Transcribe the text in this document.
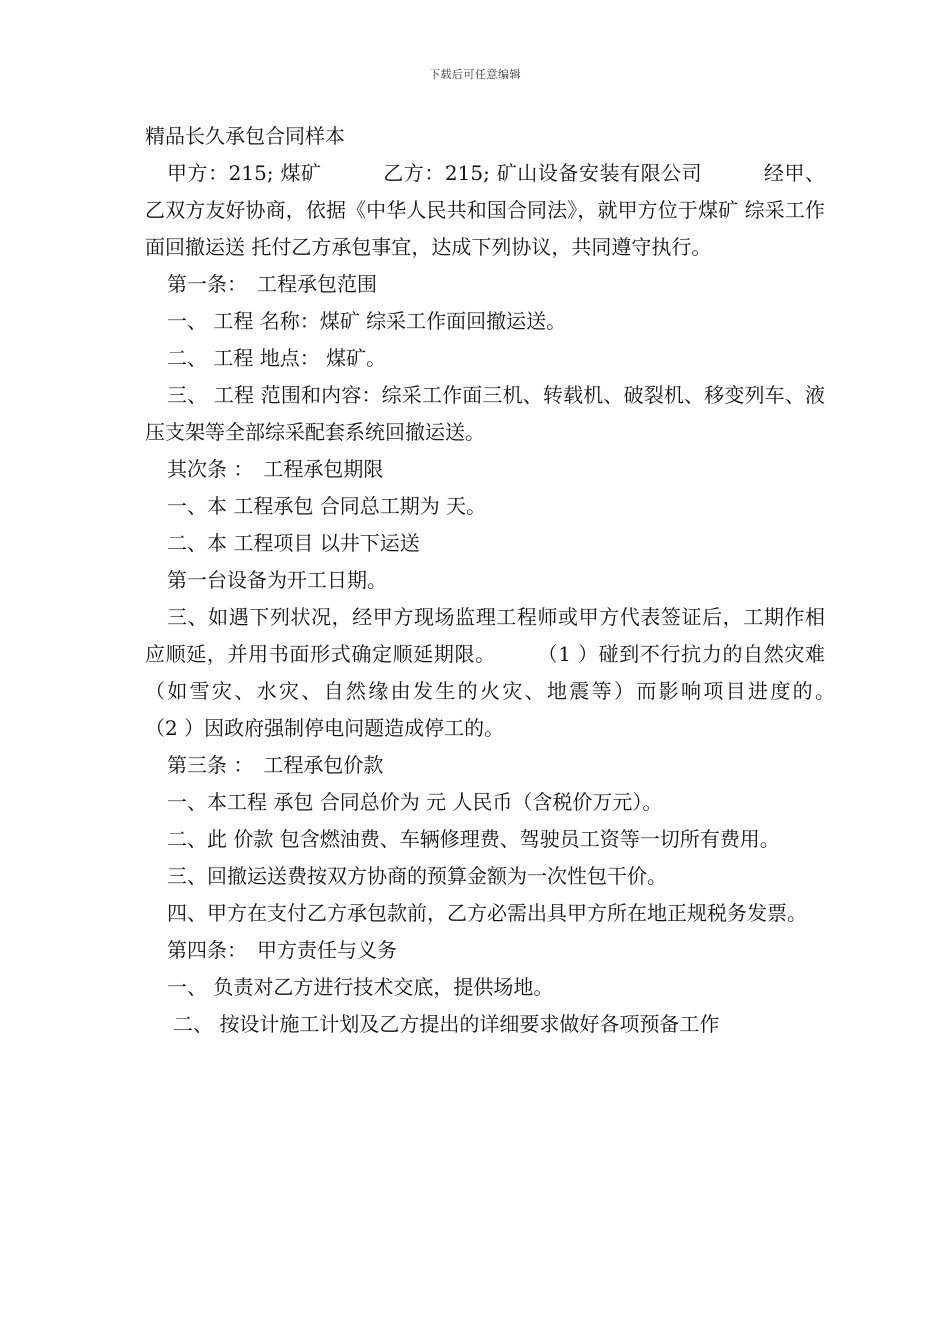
下载后可任意编辑

精品长久承包合同样本

甲方：215; 煤矿　　　乙方：215; 矿山设备安装有限公司　　　经甲、乙双方友好协商，依据《中华人民共和国合同法》，就甲方位于煤矿 综采工作面回撤运送 托付乙方承包事宜，达成下列协议，共同遵守执行。

第一条：　工程承包范围

一、 工程 名称：煤矿 综采工作面回撤运送。

二、 工程 地点： 煤矿。

三、 工程 范围和内容：综采工作面三机、转载机、破裂机、移变列车、液压支架等全部综采配套系统回撤运送。

其次条 ：　工程承包期限

一、本 工程承包 合同总工期为 天。

二、本 工程项目 以井下运送

第一台设备为开工日期。

三、如遇下列状况，经甲方现场监理工程师或甲方代表签证后，工期作相应顺延，并用书面形式确定顺延期限。　　　（1 ）碰到不行抗力的自然灾难（如雪灾、水灾、自然缘由发生的火灾、地震等）而影响项目进度的。　　　（2 ）因政府强制停电问题造成停工的。

第三条 ：　工程承包价款

一、本工程 承包 合同总价为 元 人民币（含税价万元）。

二、此 价款 包含燃油费、车辆修理费、驾驶员工资等一切所有费用。

三、回撤运送费按双方协商的预算金额为一次性包干价。

四、甲方在支付乙方承包款前，乙方必需出具甲方所在地正规税务发票。

第四条：　甲方责任与义务

一、 负责对乙方进行技术交底，提供场地。

二、 按设计施工计划及乙方提出的详细要求做好各项预备工作
